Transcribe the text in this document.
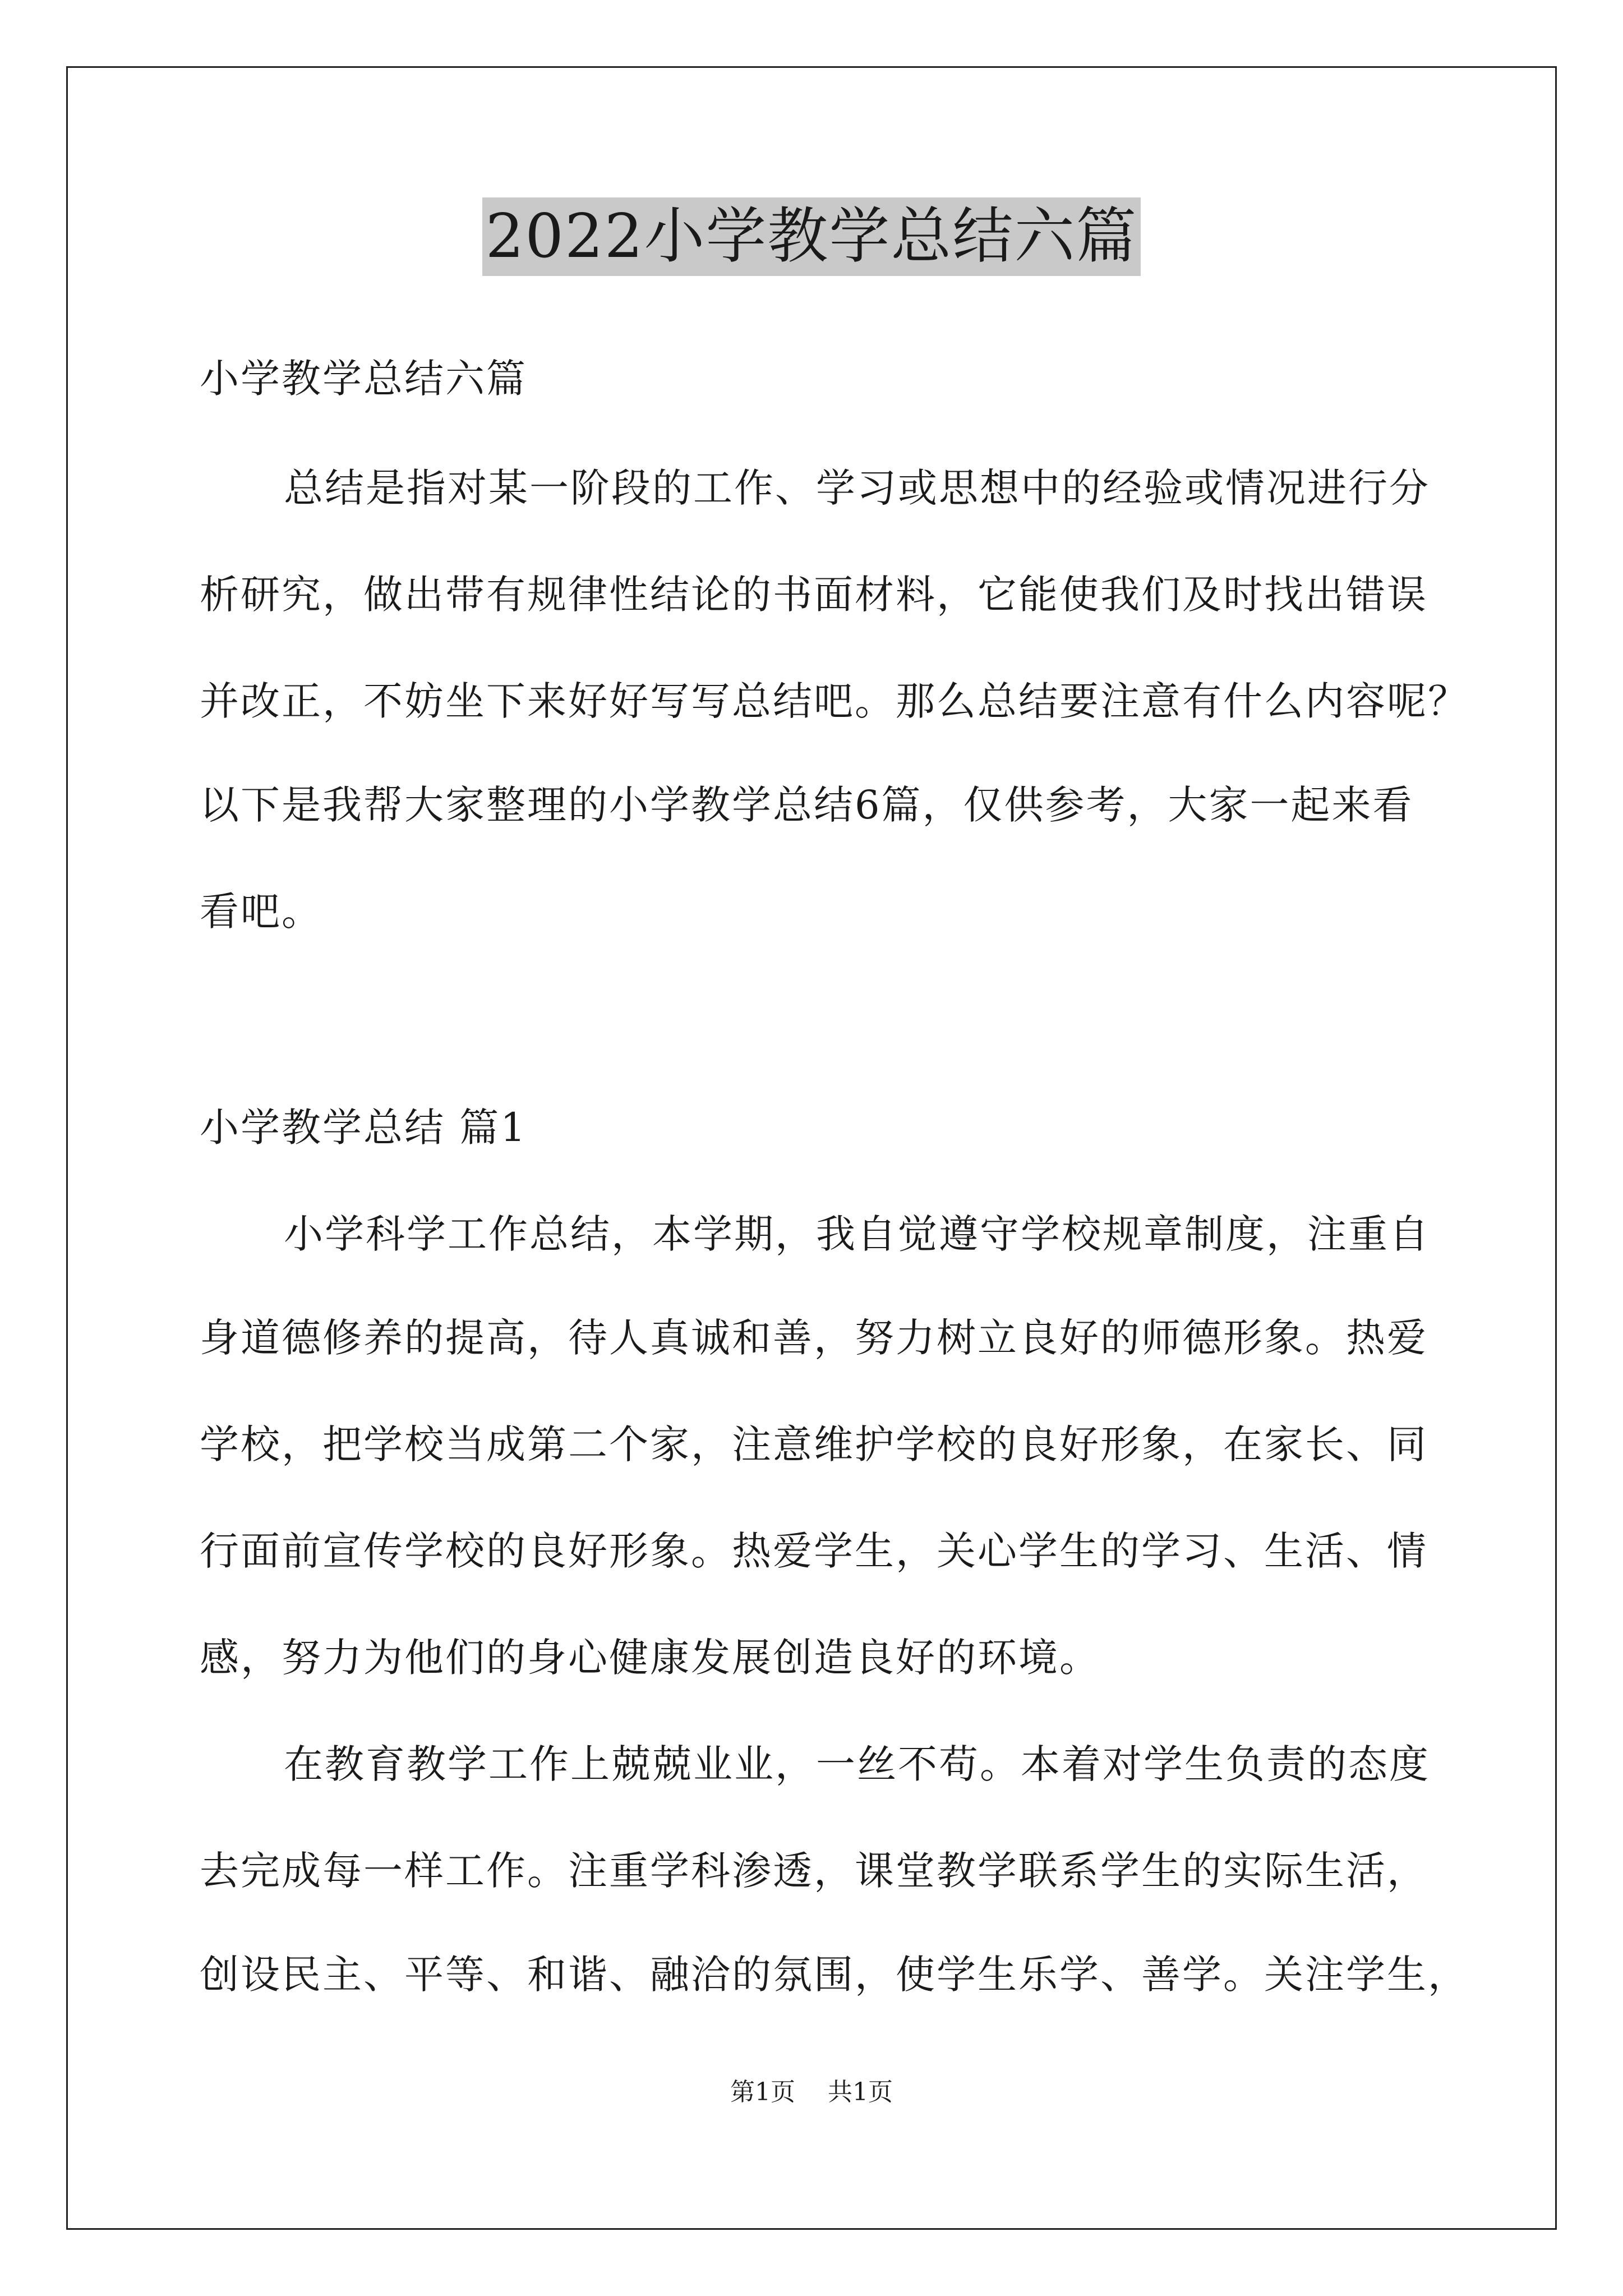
2022小学教学总结六篇
小学教学总结六篇
总结是指对某一阶段的工作、学习或思想中的经验或情况进行分
析研究，做出带有规律性结论的书面材料，它能使我们及时找出错误
并改正，不妨坐下来好好写写总结吧。那么总结要注意有什么内容呢？
以下是我帮大家整理的小学教学总结6篇，仅供参考，大家一起来看
看吧。
小学教学总结 篇1
小学科学工作总结，本学期，我自觉遵守学校规章制度，注重自
身道德修养的提高，待人真诚和善，努力树立良好的师德形象。热爱
学校，把学校当成第二个家，注意维护学校的良好形象，在家长、同
行面前宣传学校的良好形象。热爱学生，关心学生的学习、生活、情
感，努力为他们的身心健康发展创造良好的环境。
在教育教学工作上兢兢业业，一丝不苟。本着对学生负责的态度
去完成每一样工作。注重学科渗透，课堂教学联系学生的实际生活，
创设民主、平等、和谐、融洽的氛围，使学生乐学、善学。关注学生，
第1页 共1页
